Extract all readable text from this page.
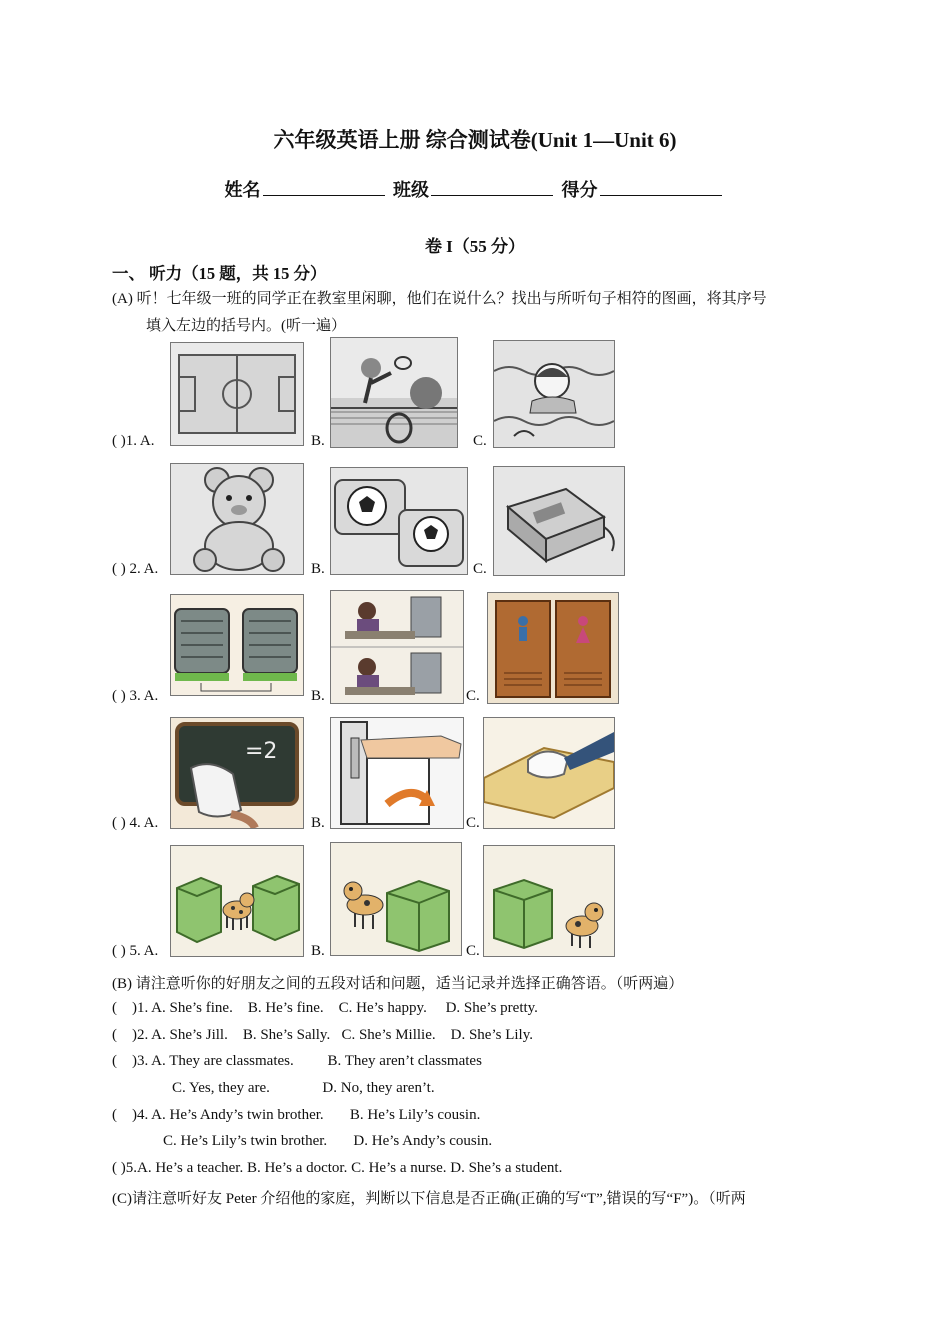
六年级英语上册 综合测试卷(Unit 1—Unit 6)
姓名	班级	得分
卷 I（55 分）
一、 听力（15 题，共 15 分）
(A) 听！七年级一班的同学正在教室里闲聊，他们在说什么？找出与所听句子相符的图画，将其序号
填入左边的括号内。(听一遍）
( )1. A.	B.	C.
( ) 2. A.	B.	C.
( ) 3. A.	B.	C.
( ) 4. A.
=2
B.	C.
( ) 5. A.	B.	C.
(B) 请注意听你的好朋友之间的五段对话和问题，适当记录并选择正确答语。（听两遍）
(    )1. A. She’s fine.    B. He’s fine.    C. He’s happy.     D. She’s pretty.
(    )2. A. She’s Jill.    B. She’s Sally.   C. She’s Millie.    D. She’s Lily.
(    )3. A. They are classmates.         B. They aren’t classmates
C. Yes, they are.              D. No, they aren’t.
(    )4. A. He’s Andy’s twin brother.       B. He’s Lily’s cousin.
C. He’s Lily’s twin brother.       D. He’s Andy’s cousin.
( )5.A. He’s a teacher. B. He’s a doctor. C. He’s a nurse. D. She’s a student.
(C)请注意听好友 Peter 介绍他的家庭，判断以下信息是否正确(正确的写“T”,错误的写“F”)。（听两
